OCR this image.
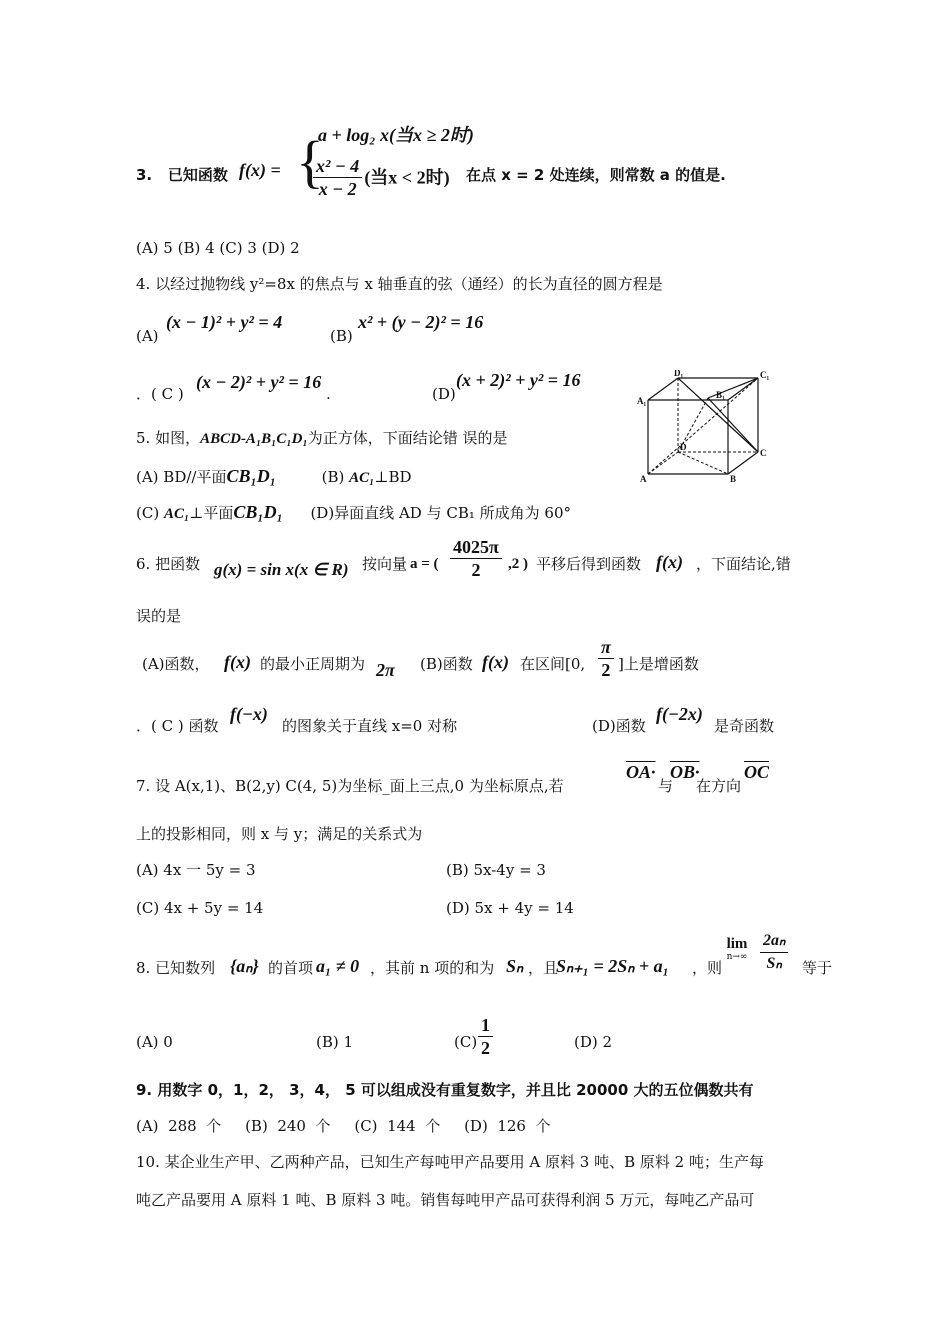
3. 已知函数 f(x) = {
a + log₂ x(当x ≥ 2时)
$\frac{\text{x² − 4}}{x - 2}$ (当x < 2时) 在点 x = 2 处连续，则常数 a 的值是.
(A) 5 (B) 4 (C) 3 (D) 2
4. 以经过抛物线 y²=8x 的焦点与 x 轴垂直的弦（通经）的长为直径的圆方程是
(A)
(x − 1)² + y² = 4
(B)
x² + (y − 2)² = 16
．( C )
(x − 2)² + y² = 16
.	(D)
(x + 2)² + y² = 16	D₁	C₁
A₁
B₁
D
C
A	B
5. 如图，ABCD-A₁B₁C₁D₁为正方体，下面结论错 误的是
(A) BD//平面CB₁D₁	(B) AC₁⊥BD
(C) AC₁⊥平面CB₁D₁ (D)异面直线 AD 与 CB₁ 所成角为 60°
6. 把函数 g(x) = sin x(x ∈ R) 按向量 a = ( $\frac{4025\pi}{2} ,2$ ) 平移后得到函数 f(x) ，下面结论,错
误的是
(A)函数， f(x) 的最小正周期为 2π (B)函数 f(x) 在区间[0, $\frac{\pi}{2}$ ]上是增函数
．( C ) 函数
f(−x)
的图象关于直线 x=0 对称	(D)函数
f(−2x)
是奇函数
7. 设 A(x,1)、B(2,y) C(4, 5)为坐标_面上三点,0 为坐标原点,若
OA·
与
OB·
在方向
$\overline{OC}$
上的投影相同，则 x 与 y；满足的关系式为
(A) 4x 一 5y = 3	(B) 5x-4y = 3
(C) 4x + 5y = 14	(D) 5x + 4y = 14
8. 已知数列 {aₙ} 的首项 a₁ ≠ 0 ，其前 n 项的和为 Sₙ ，且
Sₙ₊₁ = 2Sₙ + a₁ ，则
lim
$n\to\infty \frac{\text{2aₙ}}{\text{Sₙ}}$ 等于
(A) 0	(B) 1	$(C) \frac{1}{2}$	(D) 2
9. 用数字 0，1，2， 3，4， 5 可以组成没有重复数字，并且比 20000 大的五位偶数共有
(A)  288  个     (B)  240  个     (C)  144  个     (D)  126  个
10. 某企业生产甲、乙两种产品，已知生产每吨甲产品要用 A 原料 3 吨、B 原料 2 吨；生产每
吨乙产品要用 A 原料 1 吨、B 原料 3 吨。销售每吨甲产品可获得利润 5 万元，每吨乙产品可
